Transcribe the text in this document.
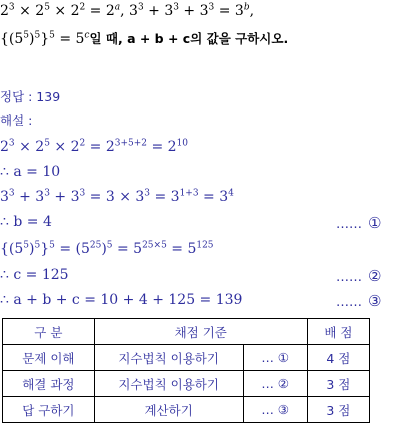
$2^3 \times 2^5 \times 2^2 = 2^a$, $3^3 + 3^3 + 3^3 = 3^b$,
$\{(5^5)^5\}^5 = 5^c$일 때, a + b + c의 값을 구하시오.
정답 : 139
해설 :
$2^3 \times 2^5 \times 2^2 = 2^{3+5+2} = 2^{10}$
∴ a = 10
$3^3 + 3^3 + 3^3 = 3 \times 3^3 = 3^{1+3} = 3^4$
∴ b = 4	…… ①
$\{(5^5)^5\}^5 = (5^{25})^5 = 5^{25\times 5} = 5^{125}$
∴ c = 125	…… ②
∴ a + b + c = 10 + 4 + 125 = 139	…… ③
구 분	채점 기준		배 점
문제 이해	지수법칙 이용하기	… ①	4 점
해결 과정	지수법칙 이용하기	… ②	3 점
답 구하기	계산하기	… ③	3 점
